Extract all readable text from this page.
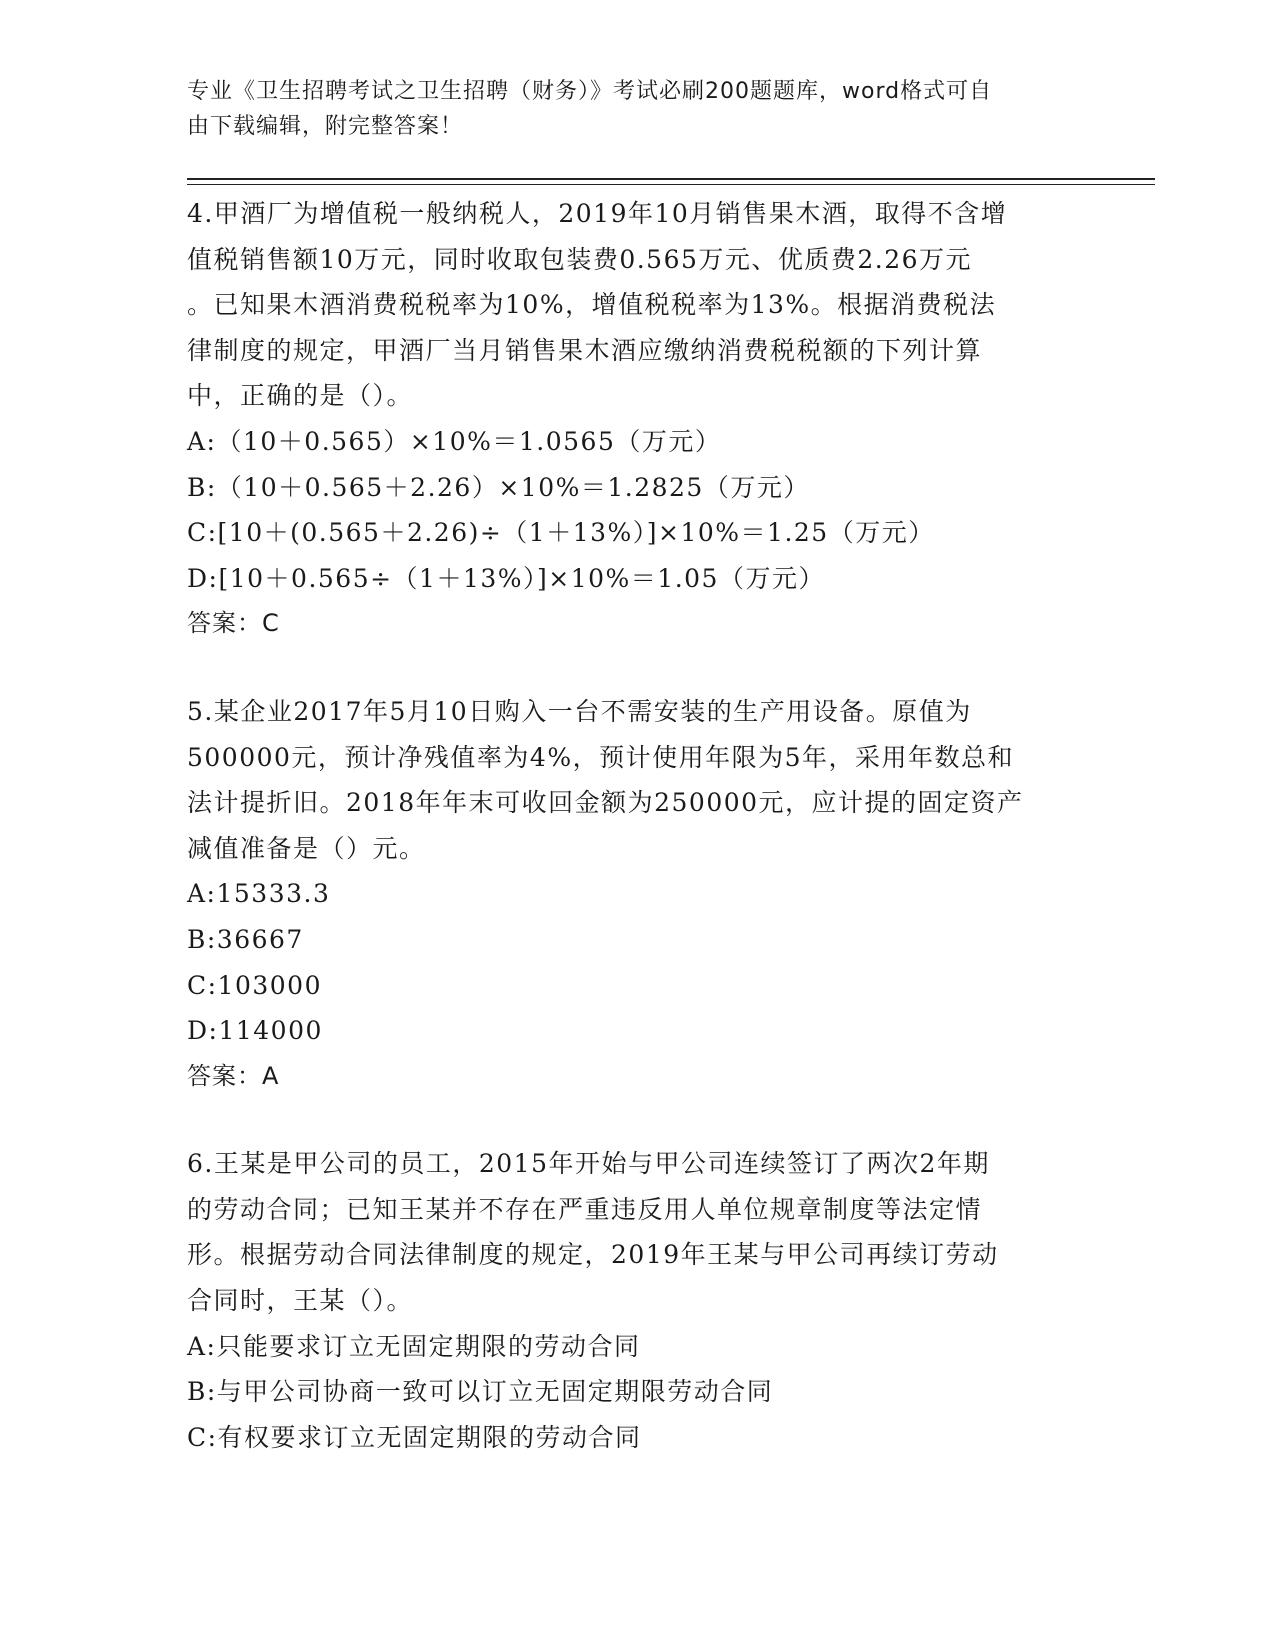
专业《卫生招聘考试之卫生招聘（财务）》考试必刷200题题库，word格式可自
由下载编辑，附完整答案！

4.甲酒厂为增值税一般纳税人，2019年10月销售果木酒，取得不含增

值税销售额10万元，同时收取包装费0.565万元、优质费2.26万元

。已知果木酒消费税税率为10%，增值税税率为13%。根据消费税法

律制度的规定，甲酒厂当月销售果木酒应缴纳消费税税额的下列计算

中，正确的是（）。

A:（10＋0.565）×10%＝1.0565（万元）

B:（10＋0.565＋2.26）×10%＝1.2825（万元）

C:[10＋(0.565＋2.26)÷（1＋13%）]×10%＝1.25（万元）

D:[10＋0.565÷（1＋13%）]×10%＝1.05（万元）

答案：C

5.某企业2017年5月10日购入一台不需安装的生产用设备。原值为

500000元，预计净残值率为4%，预计使用年限为5年，采用年数总和

法计提折旧。2018年年末可收回金额为250000元，应计提的固定资产

减值准备是（）元。

A:15333.3

B:36667

C:103000

D:114000

答案：A

6.王某是甲公司的员工，2015年开始与甲公司连续签订了两次2年期

的劳动合同；已知王某并不存在严重违反用人单位规章制度等法定情

形。根据劳动合同法律制度的规定，2019年王某与甲公司再续订劳动

合同时，王某（）。

A:只能要求订立无固定期限的劳动合同

B:与甲公司协商一致可以订立无固定期限劳动合同

C:有权要求订立无固定期限的劳动合同
